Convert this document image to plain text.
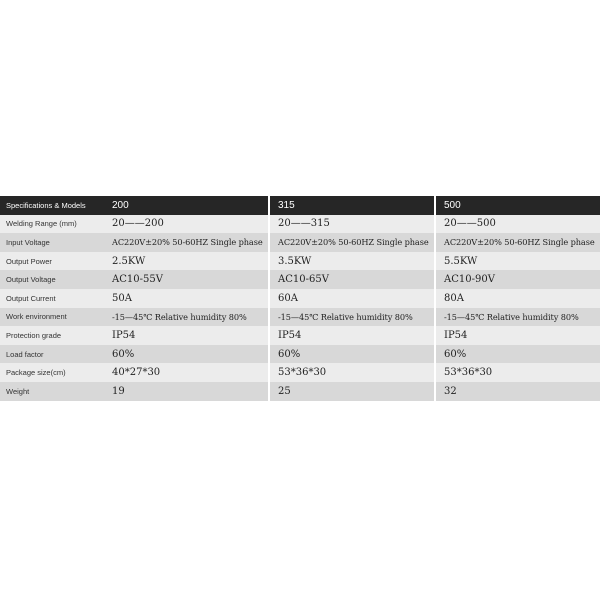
Specifications & Models	200	315	500
Welding Range (mm)	20——200	20——315	20——500
Input Voltage	AC220V±20% 50-60HZ Single phase	AC220V±20% 50-60HZ Single phase	AC220V±20% 50-60HZ Single phase
Output Power	2.5KW	3.5KW	5.5KW
Output Voltage	AC10-55V	AC10-65V	AC10-90V
Output Current	50A	60A	80A
Work environment	-15—45℃ Relative humidity 80%	-15—45℃ Relative humidity 80%	-15—45℃ Relative humidity 80%
Protection grade	IP54	IP54	IP54
Load factor	60%	60%	60%
Package size(cm)	40*27*30	53*36*30	53*36*30
Weight	19	25	32
